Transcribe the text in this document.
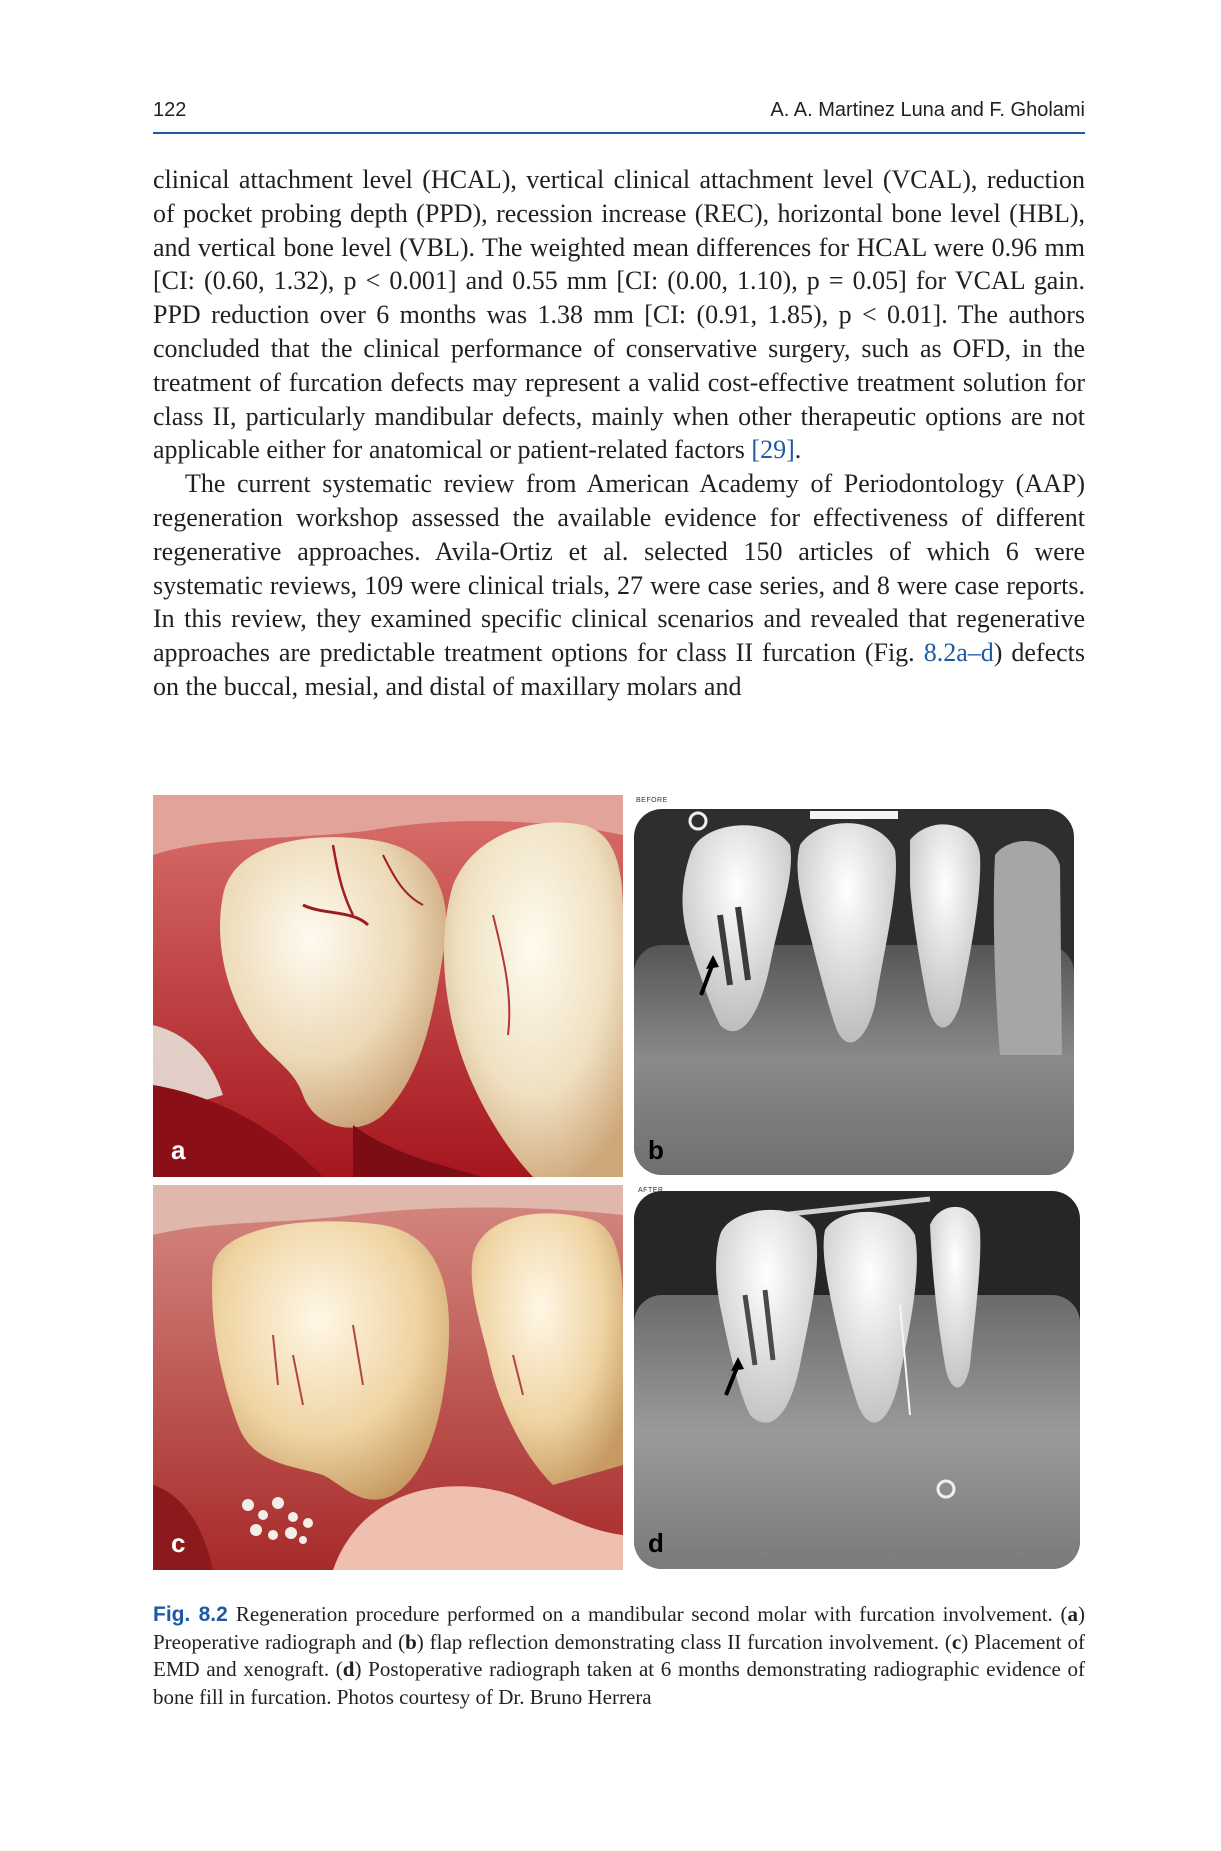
122	A. A. Martinez Luna and F. Gholami

clinical attachment level (HCAL), vertical clinical attachment level (VCAL), reduction of pocket probing depth (PPD), recession increase (REC), horizontal bone level (HBL), and vertical bone level (VBL). The weighted mean differences for HCAL were 0.96 mm [CI: (0.60, 1.32), p < 0.001] and 0.55 mm [CI: (0.00, 1.10), p = 0.05] for VCAL gain. PPD reduction over 6 months was 1.38 mm [CI: (0.91, 1.85), p < 0.01]. The authors concluded that the clinical performance of conservative surgery, such as OFD, in the treatment of furcation defects may represent a valid cost-effective treatment solution for class II, particularly mandibular defects, mainly when other therapeutic options are not applicable either for anatomical or patient-related factors [29].

The current systematic review from American Academy of Periodontology (AAP) regeneration workshop assessed the available evidence for effectiveness of different regenerative approaches. Avila-Ortiz et al. selected 150 articles of which 6 were systematic reviews, 109 were clinical trials, 27 were case series, and 8 were case reports. In this review, they examined specific clinical scenarios and revealed that regenerative approaches are predictable treatment options for class II furcation (Fig. 8.2a–d) defects on the buccal, mesial, and distal of maxillary molars and

a
BEFORE
b
c
AFTER
d
Fig. 8.2 Regeneration procedure performed on a mandibular second molar with furcation involvement. (a) Preoperative radiograph and (b) flap reflection demonstrating class II furcation involvement. (c) Placement of EMD and xenograft. (d) Postoperative radiograph taken at 6 months demonstrating radiographic evidence of bone fill in furcation. Photos courtesy of Dr. Bruno Herrera
